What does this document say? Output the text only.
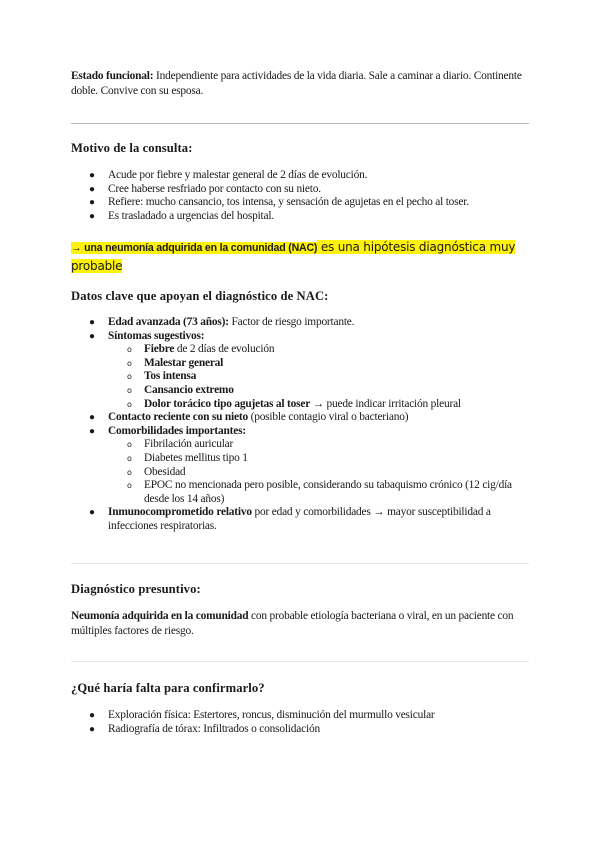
Estado funcional: Independiente para actividades de la vida diaria. Sale a caminar a diario. Continente doble. Convive con su esposa.

Motivo de la consulta:
● Acude por fiebre y malestar general de 2 días de evolución.
● Cree haberse resfriado por contacto con su nieto.
● Refiere: mucho cansancio, tos intensa, y sensación de agujetas en el pecho al toser.
● Es trasladado a urgencias del hospital.

→ una neumonía adquirida en la comunidad (NAC) es una hipótesis diagnóstica muy probable

Datos clave que apoyan el diagnóstico de NAC:
● Edad avanzada (73 años): Factor de riesgo importante.
● Síntomas sugestivos:
o Fiebre de 2 días de evolución
o Malestar general
o Tos intensa
o Cansancio extremo
o Dolor torácico tipo agujetas al toser → puede indicar irritación pleural
● Contacto reciente con su nieto (posible contagio viral o bacteriano)
● Comorbilidades importantes:
o Fibrilación auricular
o Diabetes mellitus tipo 1
o Obesidad
o EPOC no mencionada pero posible, considerando su tabaquismo crónico (12 cig/día desde los 14 años)
● Inmunocomprometido relativo por edad y comorbilidades → mayor susceptibilidad a infecciones respiratorias.
Diagnóstico presuntivo:

Neumonía adquirida en la comunidad con probable etiología bacteriana o viral, en un paciente con múltiples factores de riesgo.

¿Qué haría falta para confirmarlo?
● Exploración física: Estertores, roncus, disminución del murmullo vesicular
● Radiografía de tórax: Infiltrados o consolidación
